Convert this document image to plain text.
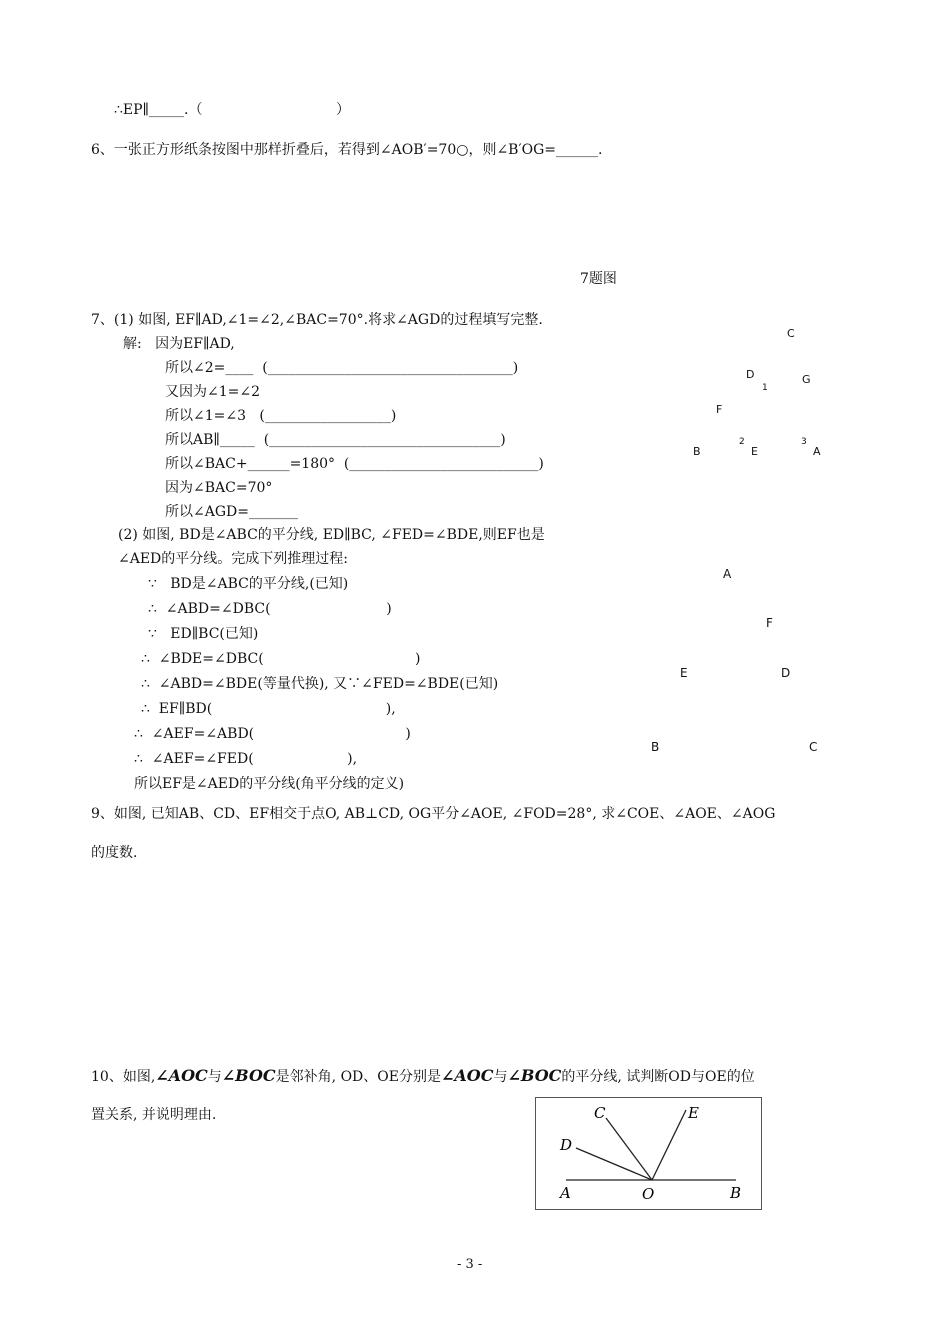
∴EP∥_____.（                              ）
6、一张正方形纸条按图中那样折叠后，若得到∠AOB′=70○，则∠B′OG=______.
7题图
7、(1) 如图, EF∥AD,∠1=∠2,∠BAC=70°.将求∠AGD的过程填写完整.
解:   因为EF∥AD,
所以∠2=____  (___________________________________)
又因为∠1=∠2
所以∠1=∠3   (__________________)
所以AB∥_____  (_________________________________)
所以∠BAC+______=180°  (___________________________)
因为∠BAC=70°
所以∠AGD=_______
C
D
1
G
F
B
2
E
3
A
(2) 如图, BD是∠ABC的平分线, ED∥BC, ∠FED=∠BDE,则EF也是
∠AED的平分线。完成下列推理过程:
∵   BD是∠ABC的平分线,(已知)
∴  ∠ABD=∠DBC(                          )
∵   ED∥BC(已知)
∴  ∠BDE=∠DBC(                                  )
∴  ∠ABD=∠BDE(等量代换), 又∵∠FED=∠BDE(已知)
∴  EF∥BD(                                       ),
∴  ∠AEF=∠ABD(                                  )
∴  ∠AEF=∠FED(                     ),
所以EF是∠AED的平分线(角平分线的定义)
A
F
E	D
B	C
9、如图, 已知AB、CD、EF相交于点O, AB⊥CD, OG平分∠AOE, ∠FOD=28°, 求∠COE、∠AOE、∠AOG
的度数.
10、如图,∠AOC与∠BOC是邻补角, OD、OE分别是∠AOC与∠BOC的平分线, 试判断OD与OE的位
置关系, 并说明理由.	C	E
D
A	O	B
- 3 -
